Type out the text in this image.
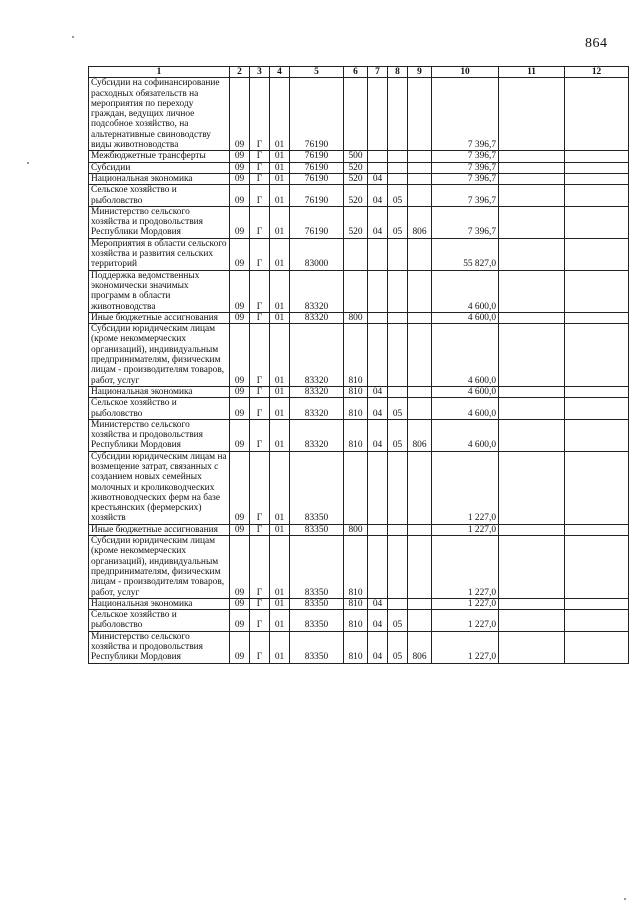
864
1	2	3	4	5	6	7	8	9	10	11	12
Субсидии на софинансирование расходных обязательств на мероприятия по переходу граждан, ведущих личное подсобное хозяйство, на альтернативные свиноводству виды животноводства	09	Г	01	76190					7 396,7		
Межбюджетные трансферты	09	Г	01	76190	500				7 396,7		
Субсидии	09	Г	01	76190	520				7 396,7		
Национальная экономика	09	Г	01	76190	520	04			7 396,7		
Сельское хозяйство и рыболовство	09	Г	01	76190	520	04	05		7 396,7		
Министерство сельского хозяйства и продовольствия Республики Мордовия	09	Г	01	76190	520	04	05	806	7 396,7		
Мероприятия в области сельского хозяйства и развития сельских территорий	09	Г	01	83000					55 827,0		
Поддержка ведомственных экономически значимых программ в области животноводства	09	Г	01	83320					4 600,0		
Иные бюджетные ассигнования	09	Г	01	83320	800				4 600,0		
Субсидии юридическим лицам (кроме некоммерческих организаций), индивидуальным предпринимателям, физическим лицам - производителям товаров, работ, услуг	09	Г	01	83320	810				4 600,0		
Национальная экономика	09	Г	01	83320	810	04			4 600,0		
Сельское хозяйство и рыболовство	09	Г	01	83320	810	04	05		4 600,0		
Министерство сельского хозяйства и продовольствия Республики Мордовия	09	Г	01	83320	810	04	05	806	4 600,0		
Субсидии юридическим лицам на возмещение затрат, связанных с созданием новых семейных молочных и кролиководческих животноводческих ферм на базе крестьянских (фермерских) хозяйств	09	Г	01	83350					1 227,0		
Иные бюджетные ассигнования	09	Г	01	83350	800				1 227,0		
Субсидии юридическим лицам (кроме некоммерческих организаций), индивидуальным предпринимателям, физическим лицам - производителям товаров, работ, услуг	09	Г	01	83350	810				1 227,0		
Национальная экономика	09	Г	01	83350	810	04			1 227,0		
Сельское хозяйство и рыболовство	09	Г	01	83350	810	04	05		1 227,0		
Министерство сельского хозяйства и продовольствия Республики Мордовия	09	Г	01	83350	810	04	05	806	1 227,0		
